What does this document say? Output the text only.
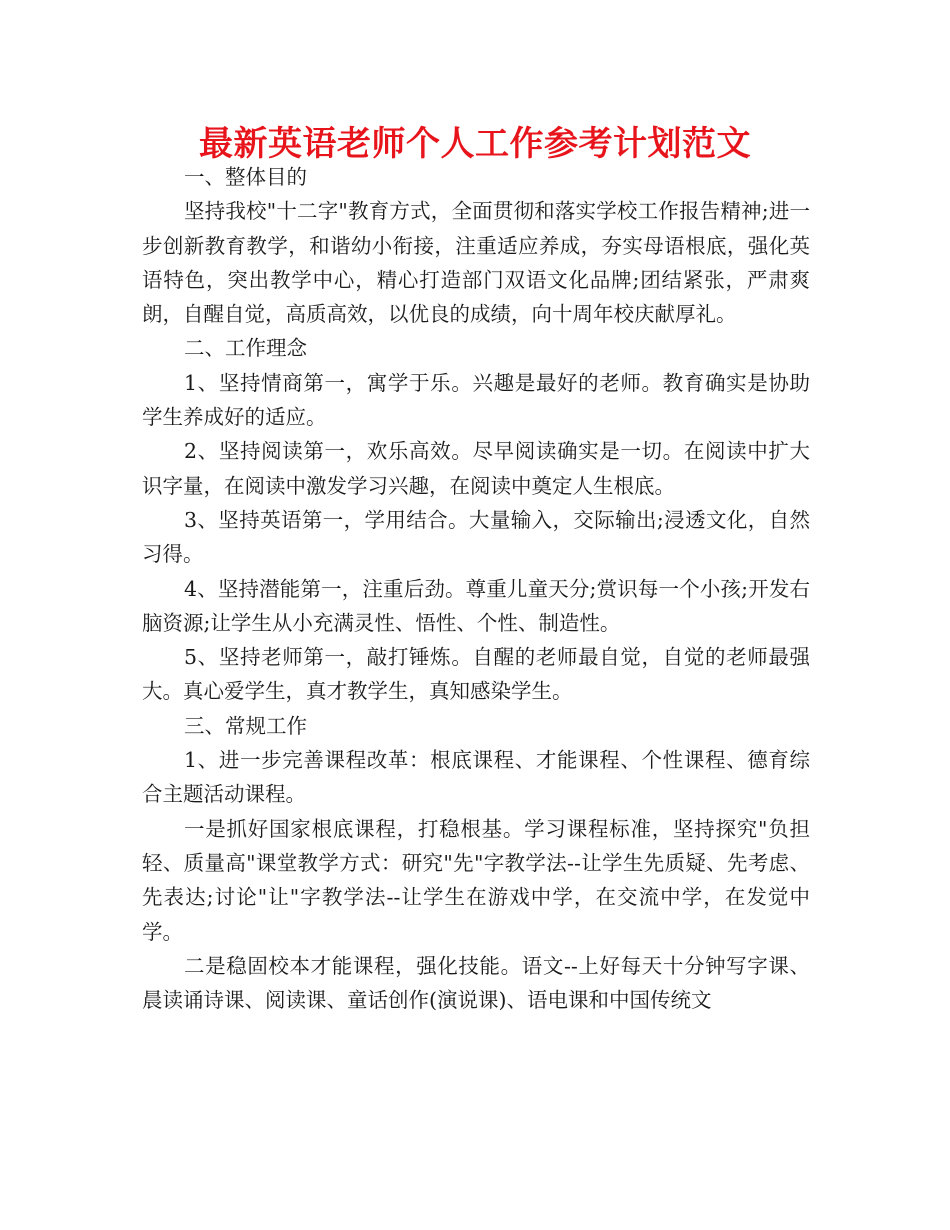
最新英语老师个人工作参考计划范文

一、整体目的

坚持我校"十二字"教育方式，全面贯彻和落实学校工作报告精神;进一步创新教育教学，和谐幼小衔接，注重适应养成，夯实母语根底，强化英语特色，突出教学中心，精心打造部门双语文化品牌;团结紧张，严肃爽朗，自醒自觉，高质高效，以优良的成绩，向十周年校庆献厚礼。

二、工作理念

1、坚持情商第一，寓学于乐。兴趣是最好的老师。教育确实是协助学生养成好的适应。

2、坚持阅读第一，欢乐高效。尽早阅读确实是一切。在阅读中扩大识字量，在阅读中激发学习兴趣，在阅读中奠定人生根底。

3、坚持英语第一，学用结合。大量输入，交际输出;浸透文化，自然习得。

4、坚持潜能第一，注重后劲。尊重儿童天分;赏识每一个小孩;开发右脑资源;让学生从小充满灵性、悟性、个性、制造性。

5、坚持老师第一，敲打锤炼。自醒的老师最自觉，自觉的老师最强大。真心爱学生，真才教学生，真知感染学生。

三、常规工作

1、进一步完善课程改革：根底课程、才能课程、个性课程、德育综合主题活动课程。

一是抓好国家根底课程，打稳根基。学习课程标准，坚持探究"负担轻、质量高"课堂教学方式：研究"先"字教学法--让学生先质疑、先考虑、先表达;讨论"让"字教学法--让学生在游戏中学，在交流中学，在发觉中学。

二是稳固校本才能课程，强化技能。语文--上好每天十分钟写字课、晨读诵诗课、阅读课、童话创作(演说课)、语电课和中国传统文
